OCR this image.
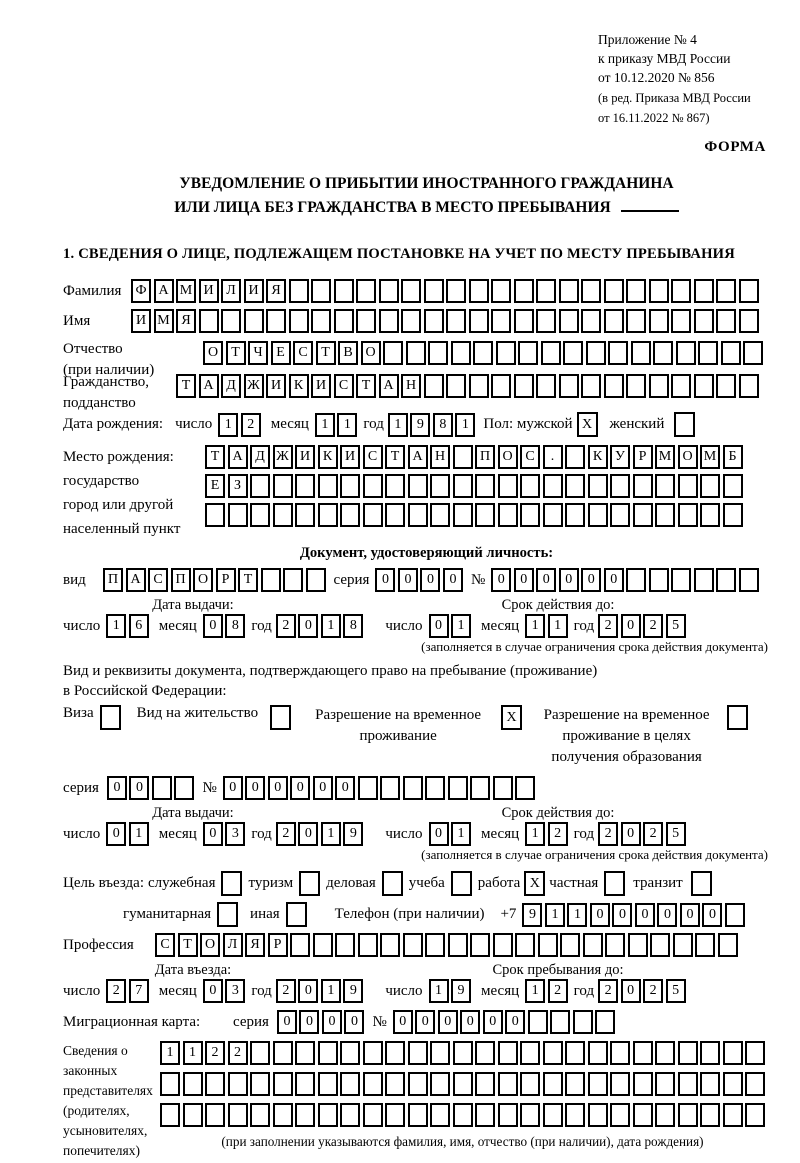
Приложение № 4
к приказу МВД России
от 10.12.2020 № 856
(в ред. Приказа МВД России
от 16.11.2022 № 867)
ФОРМА
УВЕДОМЛЕНИЕ О ПРИБЫТИИ ИНОСТРАННОГО ГРАЖДАНИНА
ИЛИ ЛИЦА БЕЗ ГРАЖДАНСТВА В МЕСТО ПРЕБЫВАНИЯ
1. СВЕДЕНИЯ О ЛИЦЕ, ПОДЛЕЖАЩЕМ ПОСТАНОВКЕ НА УЧЕТ ПО МЕСТУ ПРЕБЫВАНИЯ
Фамилия	Ф А М И Л И Я
Имя	И М Я
Отчество
(при наличии)
О Т Ч Е С Т В О
Гражданство,
подданство
Т А Д Ж И К И С Т А Н
Дата рождения: число 1	2	месяц 1	1 год 1	9	8	1 Пол: мужской X	женский
Место рождения:
государство
город или другой
населенный пункт
Т А Д Ж И К И С Т А Н	П О С	.	К У Р М О М Б
Е	З
Документ, удостоверяющий личность:
вид	П А С П О Р	Т	серия 0	0	0	0 № 0	0	0	0	0	0
Дата выдачи:	Срок действия до:
число 1	6	месяц 0	8 год 2	0	1	8	число 0	1	месяц 1	1 год 2	0	2	5
(заполняется в случае ограничения срока действия документа)
Вид и реквизиты документа, подтверждающего право на пребывание (проживание)
в Российской Федерации:
Виза	Вид на жительство	Разрешение на временное
проживание
X	Разрешение на временное
проживание в целях
получения образования
серия	0	0	№ 0	0	0	0	0	0
Дата выдачи:	Срок действия до:
число 0	1	месяц 0	3 год 2	0	1	9	число 0	1	месяц 1	2 год 2	0	2	5
(заполняется в случае ограничения срока действия документа)
Цель въезда: служебная туризм деловая учеба работа X частная транзит
гуманитарная	иная	Телефон (при наличии) +7 9	1	1	0	0	0	0	0	0
Профессия	С Т О Л Я Р
Дата въезда:	Срок пребывания до:
число 2	7	месяц 0	3 год 2	0	1	9	число 1	9	месяц 1	2 год 2	0	2	5
Миграционная карта:	серия	0	0	0	0 № 0	0	0	0	0	0
Сведения о
законных
представителях
(родителях,
усыновителях,
попечителях)
1	1	2	2
(при заполнении указываются фамилия, имя, отчество (при наличии), дата рождения)
